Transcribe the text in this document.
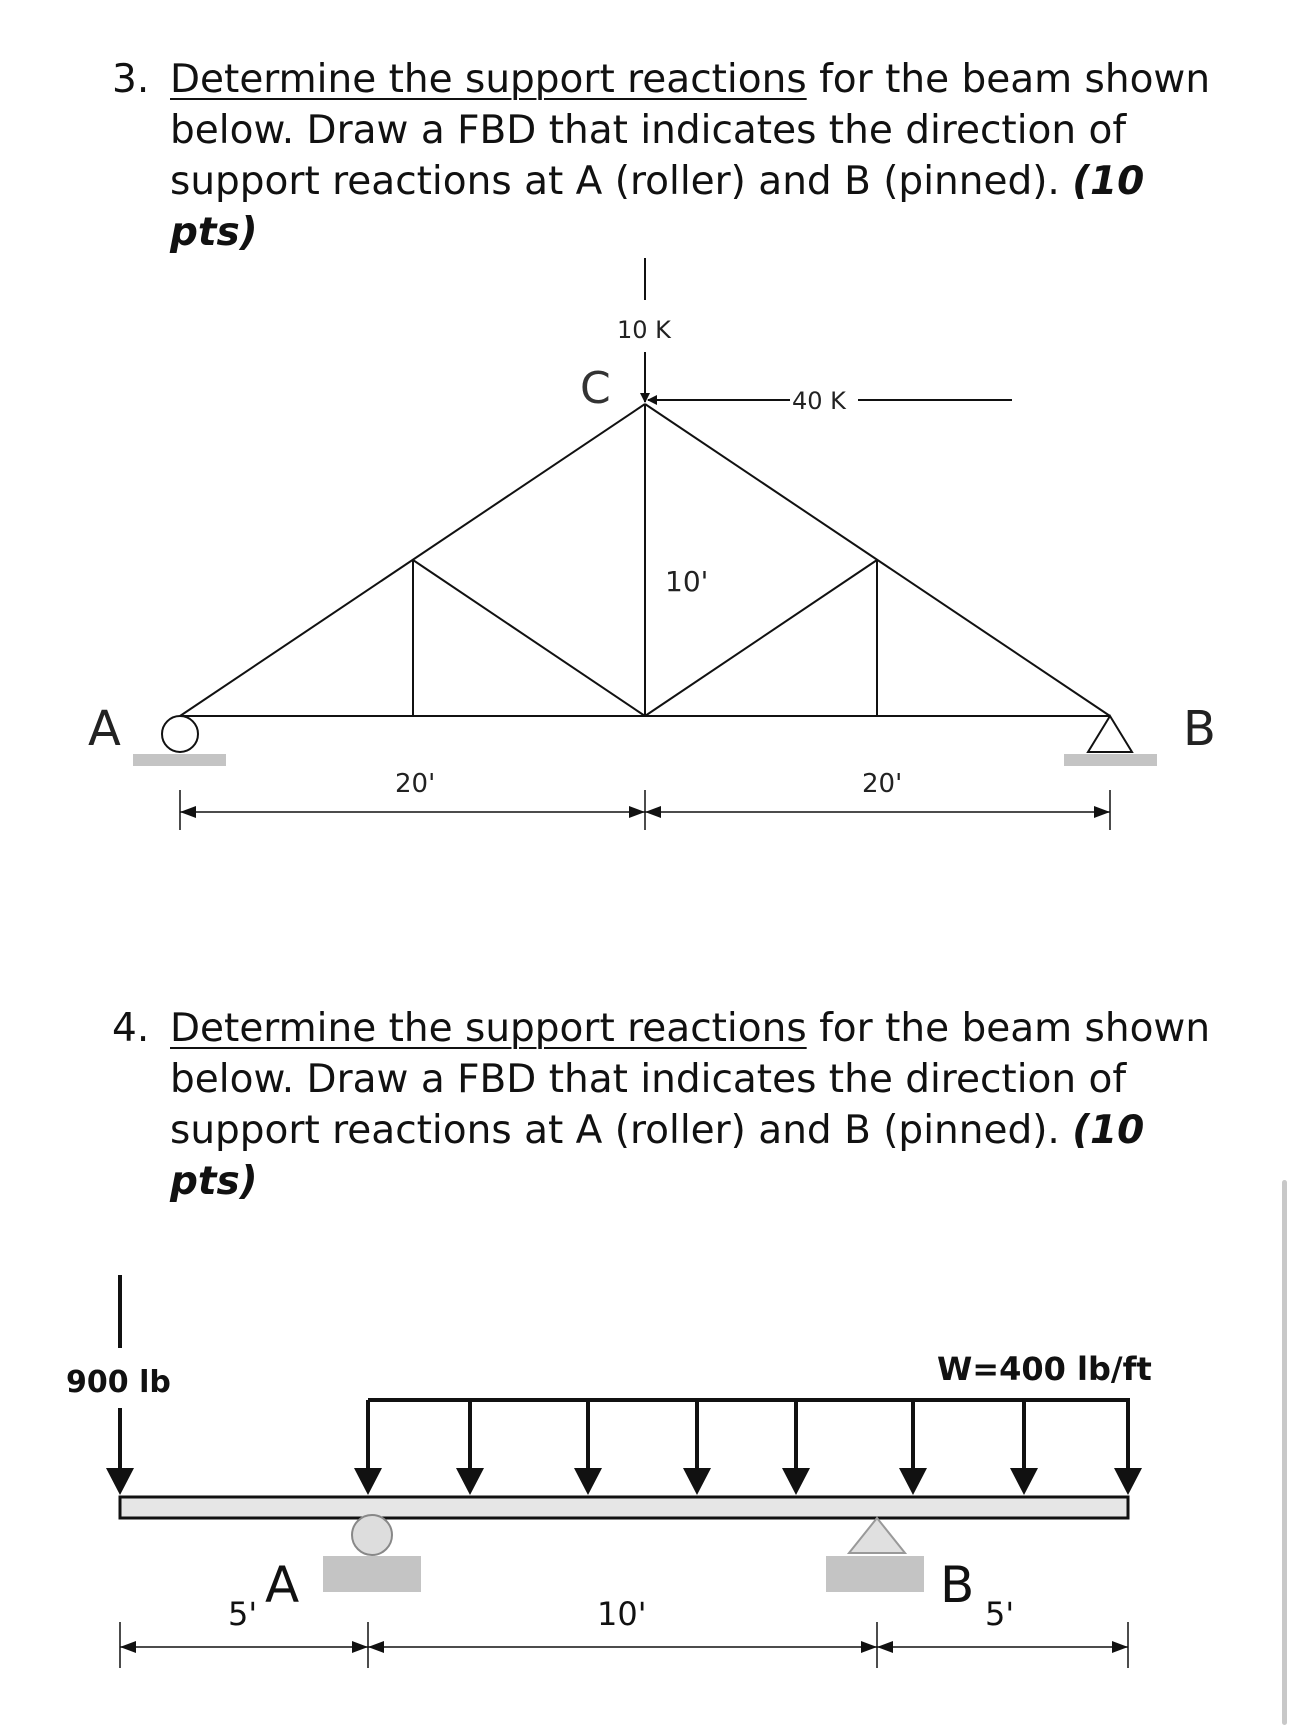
3. Determine the support reactions for the beam shown below. Draw a FBD that indicates the direction of support reactions at A (roller) and B (pinned). (10 pts)
A	B
C
10 K
40 K
10'
20'	20'
4. Determine the support reactions for the beam shown below. Draw a FBD that indicates the direction of support reactions at A (roller) and B (pinned). (10 pts)
900 lb	W=400 lb/ft
A	B
5'	10'	5'
